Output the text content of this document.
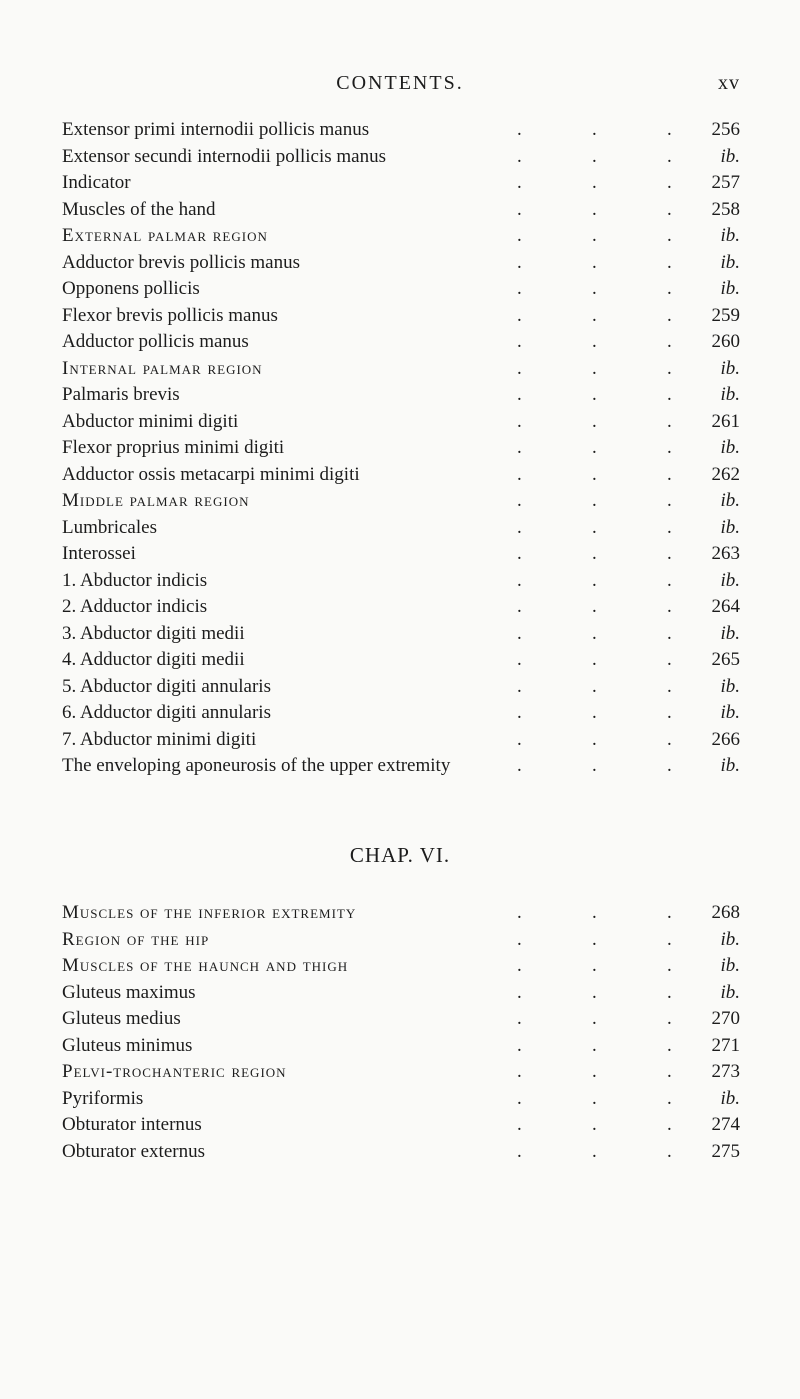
CONTENTS.	xv
Extensor primi internodii pollicis manus	.	.	. 256
Extensor secundi internodii pollicis manus	.	.	.	ib.
Indicator	.	.	. 257
Muscles of the hand	.	.	. 258
External palmar region	.	.	.	ib.
Adductor brevis pollicis manus	.	.	.	ib.
Opponens pollicis	.	.	.	ib.
Flexor brevis pollicis manus	.	.	. 259
Adductor pollicis manus	.	.	. 260
Internal palmar region	.	.	.	ib.
Palmaris brevis	.	.	.	ib.
Abductor minimi digiti	.	.	. 261
Flexor proprius minimi digiti	.	.	.	ib.
Adductor ossis metacarpi minimi digiti	.	.	. 262
Middle palmar region	.	.	.	ib.
Lumbricales	.	.	.	ib.
Interossei	.	.	. 263
1. Abductor indicis	.	.	.	ib.
2. Adductor indicis	.	.	. 264
3. Abductor digiti medii	.	.	.	ib.
4. Adductor digiti medii	.	.	. 265
5. Abductor digiti annularis	.	.	.	ib.
6. Adductor digiti annularis	.	.	.	ib.
7. Abductor minimi digiti	.	.	. 266
The enveloping aponeurosis of the upper extremity	.	.	.	ib.
CHAP. VI.
Muscles of the inferior extremity	.	.	. 268
Region of the hip	.	.	.	ib.
Muscles of the haunch and thigh	.	.	.	ib.
Gluteus maximus	.	.	.	ib.
Gluteus medius	.	.	. 270
Gluteus minimus	.	.	. 271
Pelvi-trochanteric region	.	.	. 273
Pyriformis	.	.	.	ib.
Obturator internus	.	.	. 274
Obturator externus	.	.	. 275
